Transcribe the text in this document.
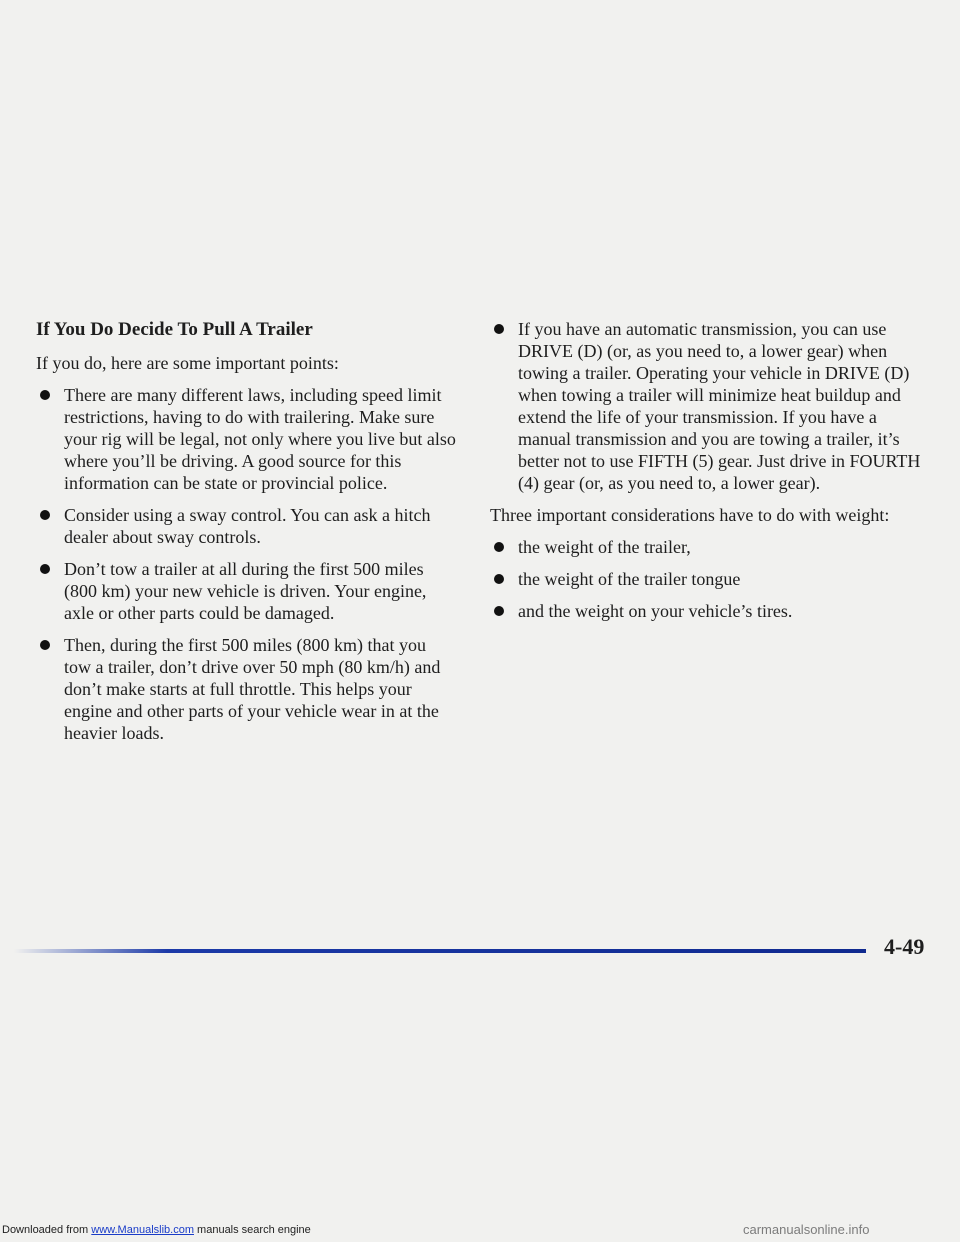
If You Do Decide To Pull A Trailer

If you do, here are some important points:

There are many different laws, including speed limit restrictions, having to do with trailering. Make sure your rig will be legal, not only where you live but also where you’ll be driving. A good source for this information can be state or provincial police.
Consider using a sway control. You can ask a hitch dealer about sway controls.
Don’t tow a trailer at all during the first 500 miles (800 km) your new vehicle is driven. Your engine, axle or other parts could be damaged.
Then, during the first 500 miles (800 km) that you tow a trailer, don’t drive over 50 mph (80 km/h) and don’t make starts at full throttle. This helps your engine and other parts of your vehicle wear in at the heavier loads.
If you have an automatic transmission, you can use DRIVE (D) (or, as you need to, a lower gear) when towing a trailer. Operating your vehicle in DRIVE (D) when towing a trailer will minimize heat buildup and extend the life of your transmission. If you have a manual transmission and you are towing a trailer, it’s better not to use FIFTH (5) gear. Just drive in FOURTH (4) gear (or, as you need to, a lower gear).

Three important considerations have to do with weight:

the weight of the trailer,
the weight of the trailer tongue
and the weight on your vehicle’s tires.
4-49
Downloaded from www.Manualslib.com manuals search engine	carmanualsonline.info
